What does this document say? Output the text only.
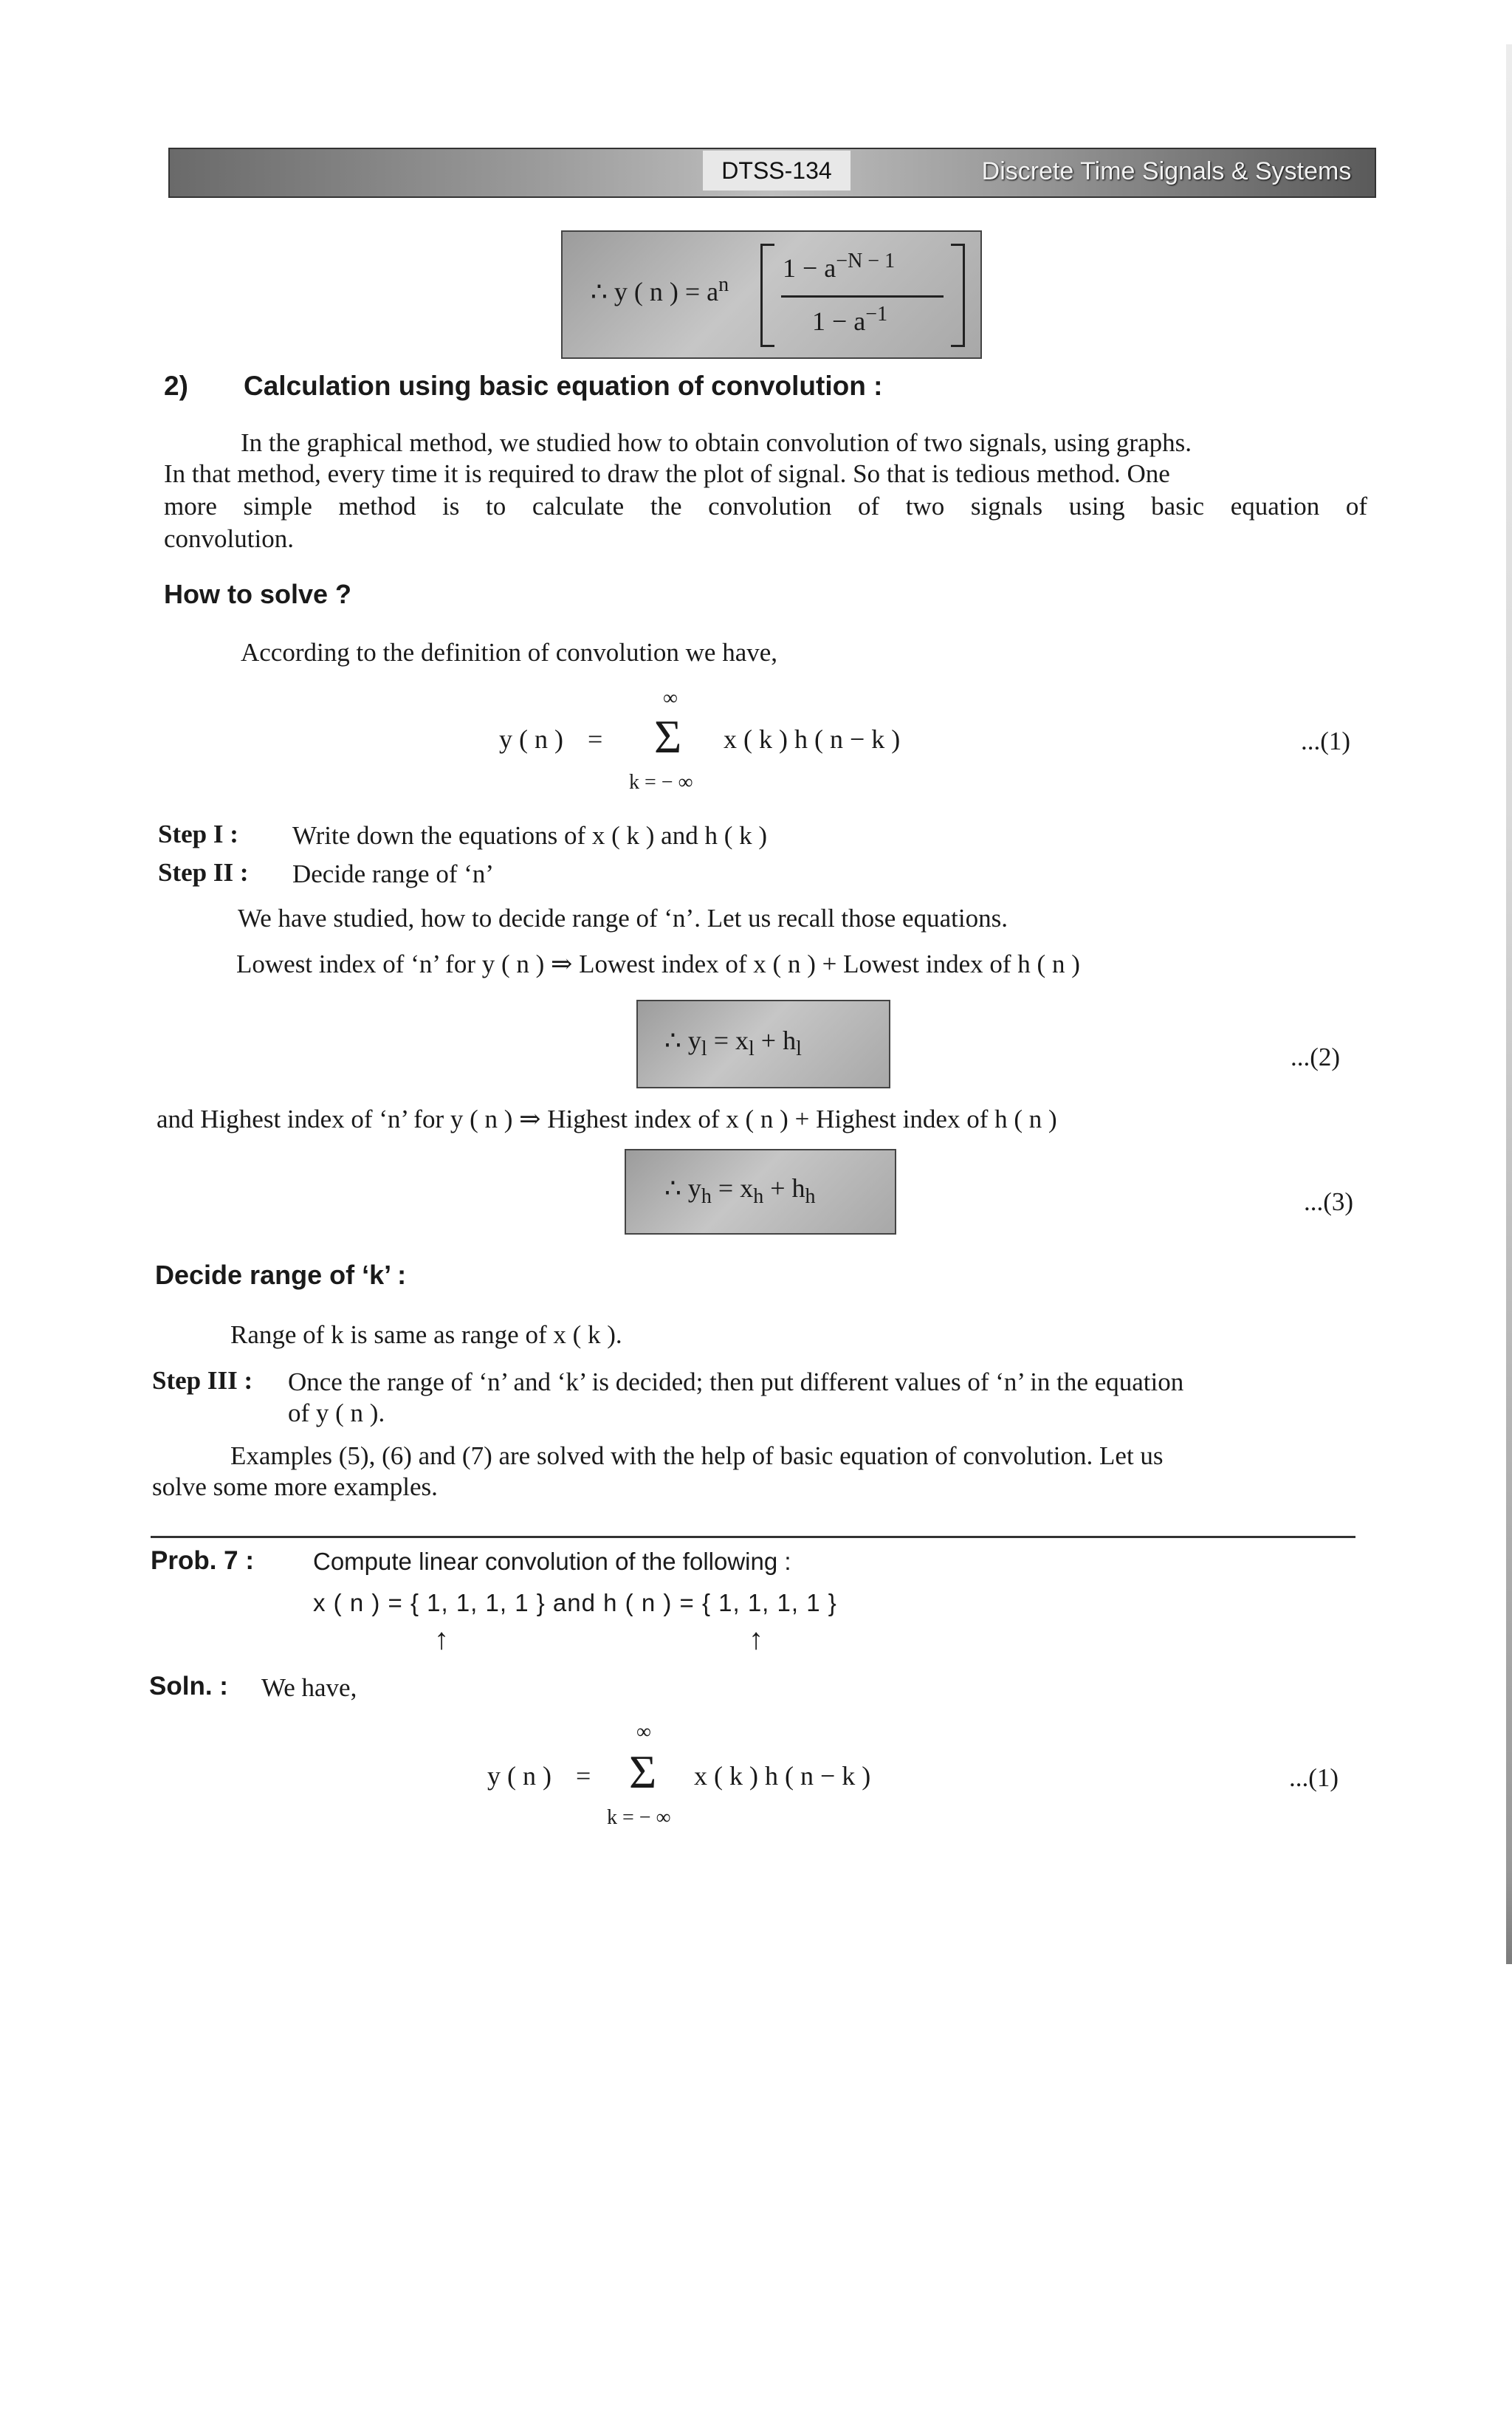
DTSS-134	Discrete Time Signals & Systems
∴ y ( n ) = $a^n$
$1 - a^{-N - 1}$
$1 - a^{-1}$
2) Calculation using basic equation of convolution :
In the graphical method, we studied how to obtain convolution of two signals, using graphs.
In that method, every time it is required to draw the plot of signal. So that is tedious method. One
more simple method is to calculate the convolution of two signals using basic equation of
convolution.
How to solve ?
According to the definition of convolution we have,
y ( n ) =
∞
Σ
k = − ∞
x ( k ) h ( n − k )	...(1)
Step I : Write down the equations of x ( k ) and h ( k )
Step II : Decide range of ‘n’
We have studied, how to decide range of ‘n’. Let us recall those equations.
Lowest index of ‘n’ for y ( n ) ⇒ Lowest index of x ( n ) + Lowest index of h ( n )
∴ $y_l = x_l + h_l$	...(2)
and Highest index of ‘n’ for y ( n ) ⇒ Highest index of x ( n ) + Highest index of h ( n )
∴ $y_h = x_h + h_h$	...(3)
Decide range of ‘k’ :
Range of k is same as range of x ( k ).
Step III : Once the range of ‘n’ and ‘k’ is decided; then put different values of ‘n’ in the equation
of y ( n ).
Examples (5), (6) and (7) are solved with the help of basic equation of convolution. Let us
solve some more examples.
Prob. 7 : Compute linear convolution of the following :
x ( n ) = { 1, 1, 1, 1 } and h ( n ) = { 1, 1, 1, 1 }
↑	↑
Soln. : We have,
y ( n ) =
∞
Σ
k = − ∞
x ( k ) h ( n − k )	...(1)
